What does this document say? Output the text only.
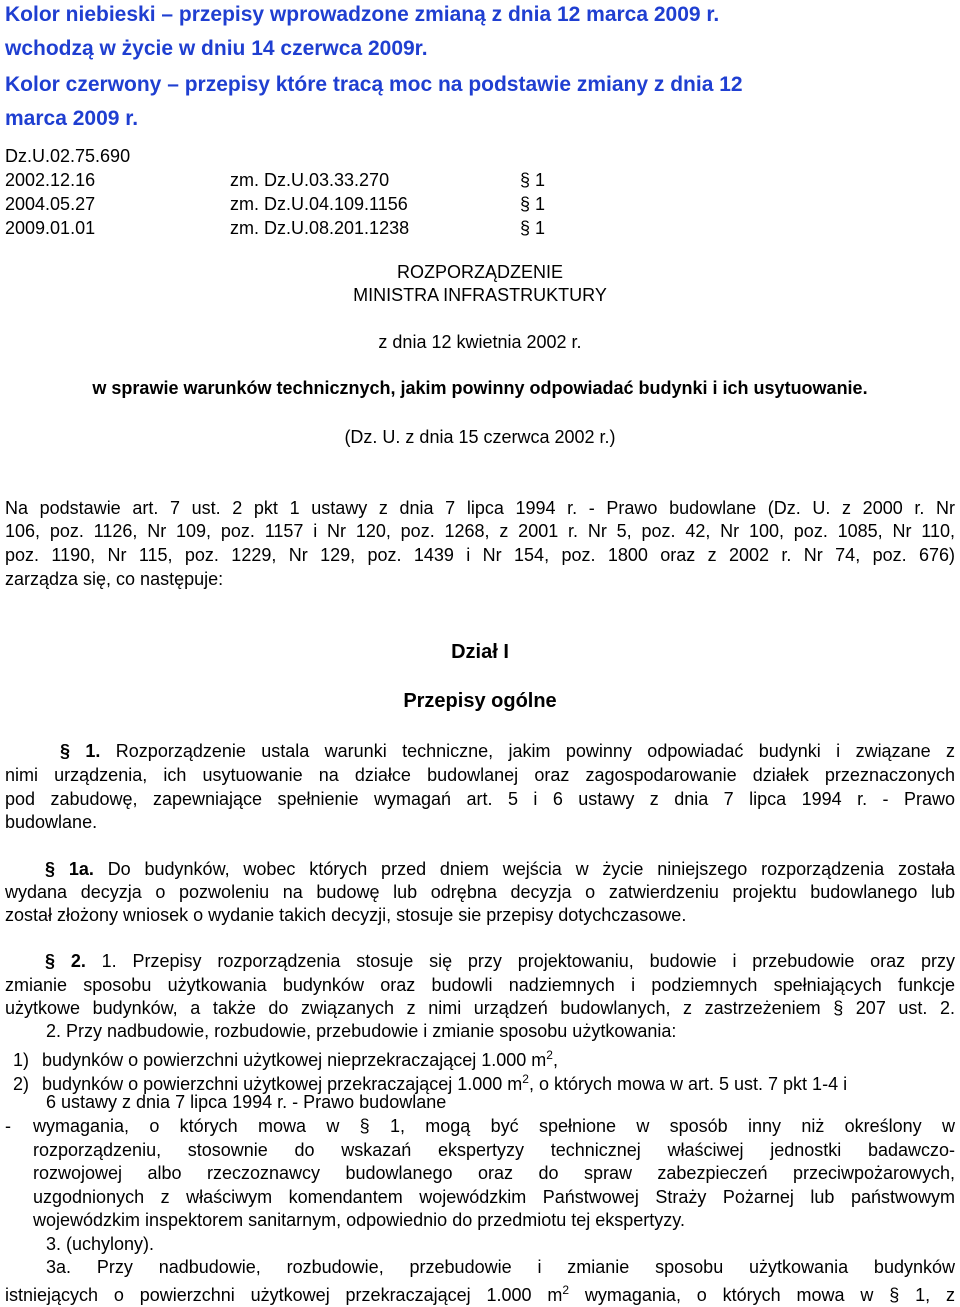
Kolor niebieski – przepisy wprowadzone zmianą z dnia 12 marca 2009 r.
wchodzą w życie w dniu 14 czerwca 2009r.
Kolor czerwony – przepisy które tracą moc na podstawie zmiany z dnia 12
marca 2009 r.
Dz.U.02.75.690
2002.12.16	zm. Dz.U.03.33.270	§ 1
2004.05.27	zm. Dz.U.04.109.1156	§ 1
2009.01.01	zm. Dz.U.08.201.1238	§ 1
ROZPORZĄDZENIE
MINISTRA INFRASTRUKTURY
z dnia 12 kwietnia 2002 r.
w sprawie warunków technicznych, jakim powinny odpowiadać budynki i ich usytuowanie.
(Dz. U. z dnia 15 czerwca 2002 r.)
Na podstawie art. 7 ust. 2 pkt 1 ustawy z dnia 7 lipca 1994 r. - Prawo budowlane (Dz. U. z 2000 r. Nr
106, poz. 1126, Nr 109, poz. 1157 i Nr 120, poz. 1268, z 2001 r. Nr 5, poz. 42, Nr 100, poz. 1085, Nr 110,
poz. 1190, Nr 115, poz. 1229, Nr 129, poz. 1439 i Nr 154, poz. 1800 oraz z 2002 r. Nr 74, poz. 676)
zarządza się, co następuje:
Dział I
Przepisy ogólne
§ 1. Rozporządzenie ustala warunki techniczne, jakim powinny odpowiadać budynki i związane z
nimi urządzenia, ich usytuowanie na działce budowlanej oraz zagospodarowanie działek przeznaczonych
pod zabudowę, zapewniające spełnienie wymagań art. 5 i 6 ustawy z dnia 7 lipca 1994 r. - Prawo
budowlane.
§ 1a. Do budynków, wobec których przed dniem wejścia w życie niniejszego rozporządzenia została
wydana decyzja o pozwoleniu na budowę lub odrębna decyzja o zatwierdzeniu projektu budowlanego lub
został złożony wniosek o wydanie takich decyzji, stosuje sie przepisy dotychczasowe.
§ 2. 1. Przepisy rozporządzenia stosuje się przy projektowaniu, budowie i przebudowie oraz przy
zmianie sposobu użytkowania budynków oraz budowli nadziemnych i podziemnych spełniających funkcje
użytkowe budynków, a także do związanych z nimi urządzeń budowlanych, z zastrzeżeniem § 207 ust. 2.
2. Przy nadbudowie, rozbudowie, przebudowie i zmianie sposobu użytkowania:
1) budynków o powierzchni użytkowej nieprzekraczającej 1.000 $m^2$,
2) budynków o powierzchni użytkowej przekraczającej 1.000 $m^2$, o których mowa w art. 5 ust. 7 pkt 1-4 i
6 ustawy z dnia 7 lipca 1994 r. - Prawo budowlane
- wymagania, o których mowa w § 1, mogą być spełnione w sposób inny niż określony w
rozporządzeniu, stosownie do wskazań ekspertyzy technicznej właściwej jednostki badawczo-
rozwojowej albo rzeczoznawcy budowlanego oraz do spraw zabezpieczeń przeciwpożarowych,
uzgodnionych z właściwym komendantem wojewódzkim Państwowej Straży Pożarnej lub państwowym
wojewódzkim inspektorem sanitarnym, odpowiednio do przedmiotu tej ekspertyzy.
3. (uchylony).
3a. Przy nadbudowie, rozbudowie, przebudowie i zmianie sposobu użytkowania budynków
istniejących o powierzchni użytkowej przekraczającej 1.000 $m^2$ wymagania, o których mowa w § 1, z
